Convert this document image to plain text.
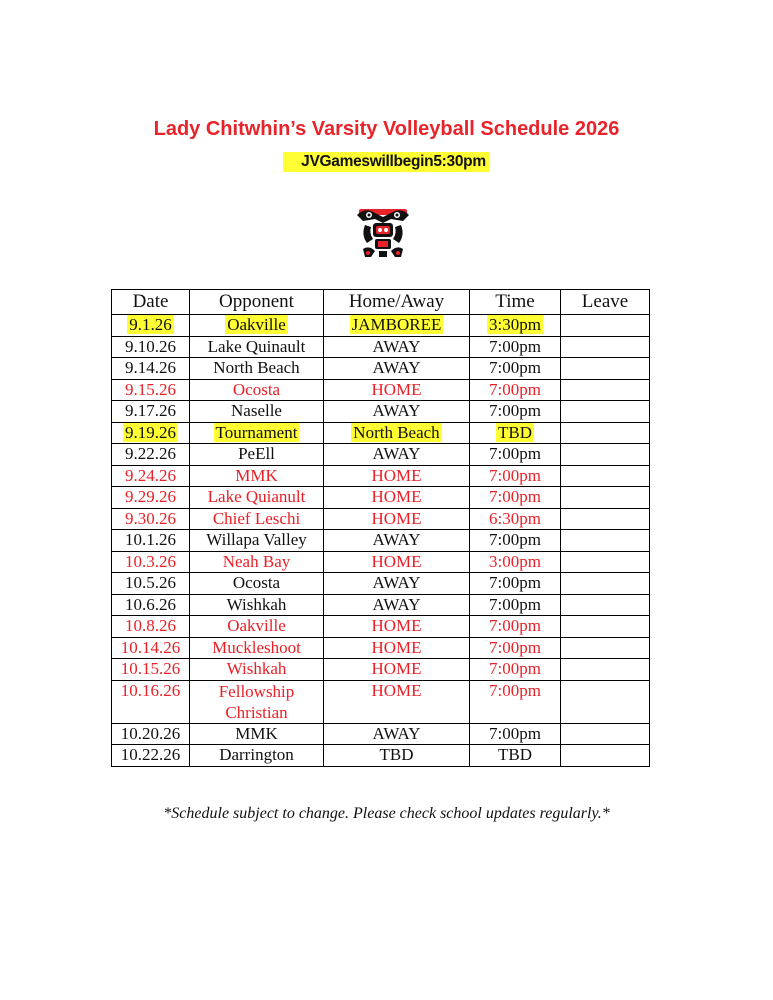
Lady Chitwhin’s Varsity Volleyball Schedule 2026
JVGameswillbegin5:30pm
Date	Opponent	Home/Away	Time	Leave
9.1.26	Oakville	JAMBOREE	3:30pm	
9.10.26	Lake Quinault	AWAY	7:00pm	
9.14.26	North Beach	AWAY	7:00pm	
9.15.26	Ocosta	HOME	7:00pm	
9.17.26	Naselle	AWAY	7:00pm	
9.19.26	Tournament	North Beach	TBD	
9.22.26	PeEll	AWAY	7:00pm	
9.24.26	MMK	HOME	7:00pm	
9.29.26	Lake Quianult	HOME	7:00pm	
9.30.26	Chief Leschi	HOME	6:30pm	
10.1.26	Willapa Valley	AWAY	7:00pm	
10.3.26	Neah Bay	HOME	3:00pm	
10.5.26	Ocosta	AWAY	7:00pm	
10.6.26	Wishkah	AWAY	7:00pm	
10.8.26	Oakville	HOME	7:00pm	
10.14.26	Muckleshoot	HOME	7:00pm	
10.15.26	Wishkah	HOME	7:00pm	
10.16.26	Fellowship Christian	HOME	7:00pm	
10.20.26	MMK	AWAY	7:00pm	
10.22.26	Darrington	TBD	TBD	
*Schedule subject to change. Please check school updates regularly.*
